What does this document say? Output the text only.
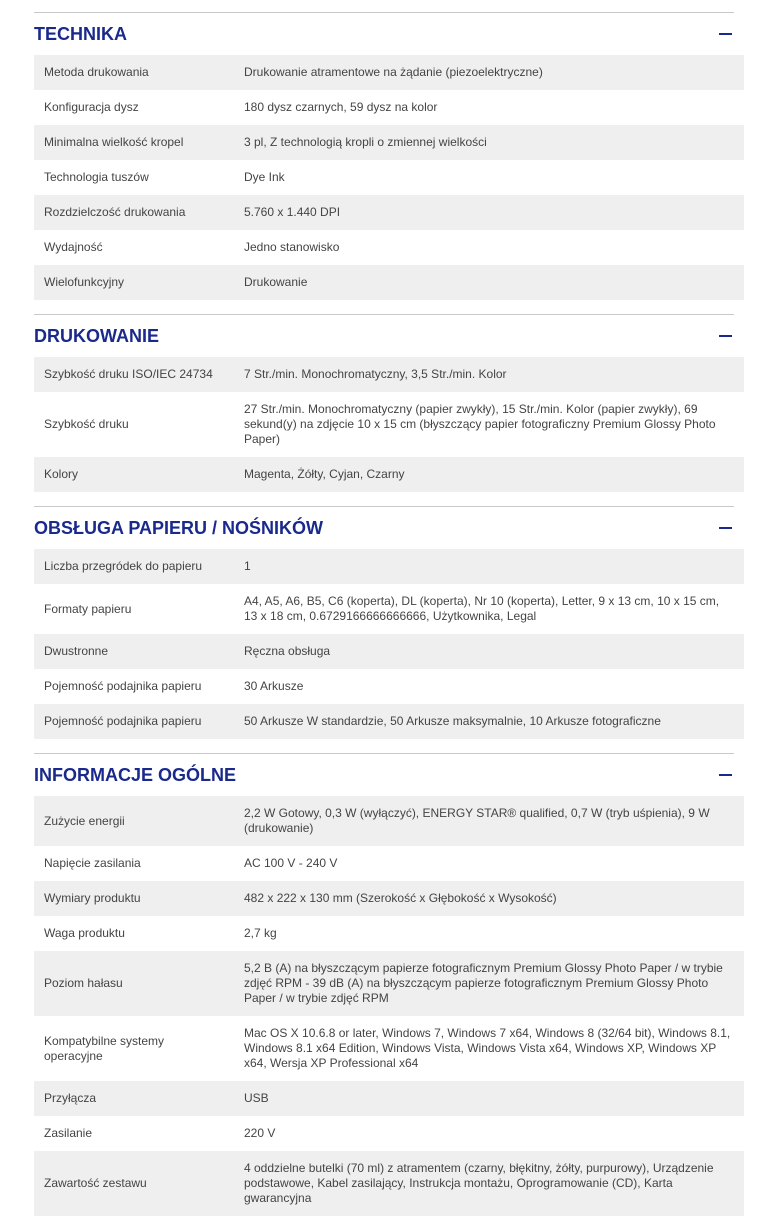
TECHNIKA
Metoda drukowania	Drukowanie atramentowe na żądanie (piezoelektryczne)
Konfiguracja dysz	180 dysz czarnych, 59 dysz na kolor
Minimalna wielkość kropel	3 pl, Z technologią kropli o zmiennej wielkości
Technologia tuszów	Dye Ink
Rozdzielczość drukowania	5.760 x 1.440 DPI
Wydajność	Jedno stanowisko
Wielofunkcyjny	Drukowanie
DRUKOWANIE
Szybkość druku ISO/IEC 24734	7 Str./min. Monochromatyczny, 3,5 Str./min. Kolor
Szybkość druku	27 Str./min. Monochromatyczny (papier zwykły), 15 Str./min. Kolor (papier zwykły), 69 sekund(y) na zdjęcie 10 x 15 cm (błyszczący papier fotograficzny Premium Glossy Photo Paper)
Kolory	Magenta, Żółty, Cyjan, Czarny
OBSŁUGA PAPIERU / NOŚNIKÓW
Liczba przegródek do papieru	1
Formaty papieru	A4, A5, A6, B5, C6 (koperta), DL (koperta), Nr 10 (koperta), Letter, 9 x 13 cm, 10 x 15 cm, 13 x 18 cm, 0.6729166666666666, Użytkownika, Legal
Dwustronne	Ręczna obsługa
Pojemność podajnika papieru	30 Arkusze
Pojemność podajnika papieru	50 Arkusze W standardzie, 50 Arkusze maksymalnie, 10 Arkusze fotograficzne
INFORMACJE OGÓLNE
Zużycie energii	2,2 W Gotowy, 0,3 W (wyłączyć), ENERGY STAR® qualified, 0,7 W (tryb uśpienia), 9 W (drukowanie)
Napięcie zasilania	AC 100 V - 240 V
Wymiary produktu	482 x 222 x 130 mm (Szerokość x Głębokość x Wysokość)
Waga produktu	2,7 kg
Poziom hałasu	5,2 B (A) na błyszczącym papierze fotograficznym Premium Glossy Photo Paper / w trybie zdjęć RPM - 39 dB (A) na błyszczącym papierze fotograficznym Premium Glossy Photo Paper / w trybie zdjęć RPM
Kompatybilne systemy operacyjne	Mac OS X 10.6.8 or later, Windows 7, Windows 7 x64, Windows 8 (32/64 bit), Windows 8.1, Windows 8.1 x64 Edition, Windows Vista, Windows Vista x64, Windows XP, Windows XP x64, Wersja XP Professional x64
Przyłącza	USB
Zasilanie	220 V
Zawartość zestawu	4 oddzielne butelki (70 ml) z atramentem (czarny, błękitny, żółty, purpurowy), Urządzenie podstawowe, Kabel zasilający, Instrukcja montażu, Oprogramowanie (CD), Karta gwarancyjna
